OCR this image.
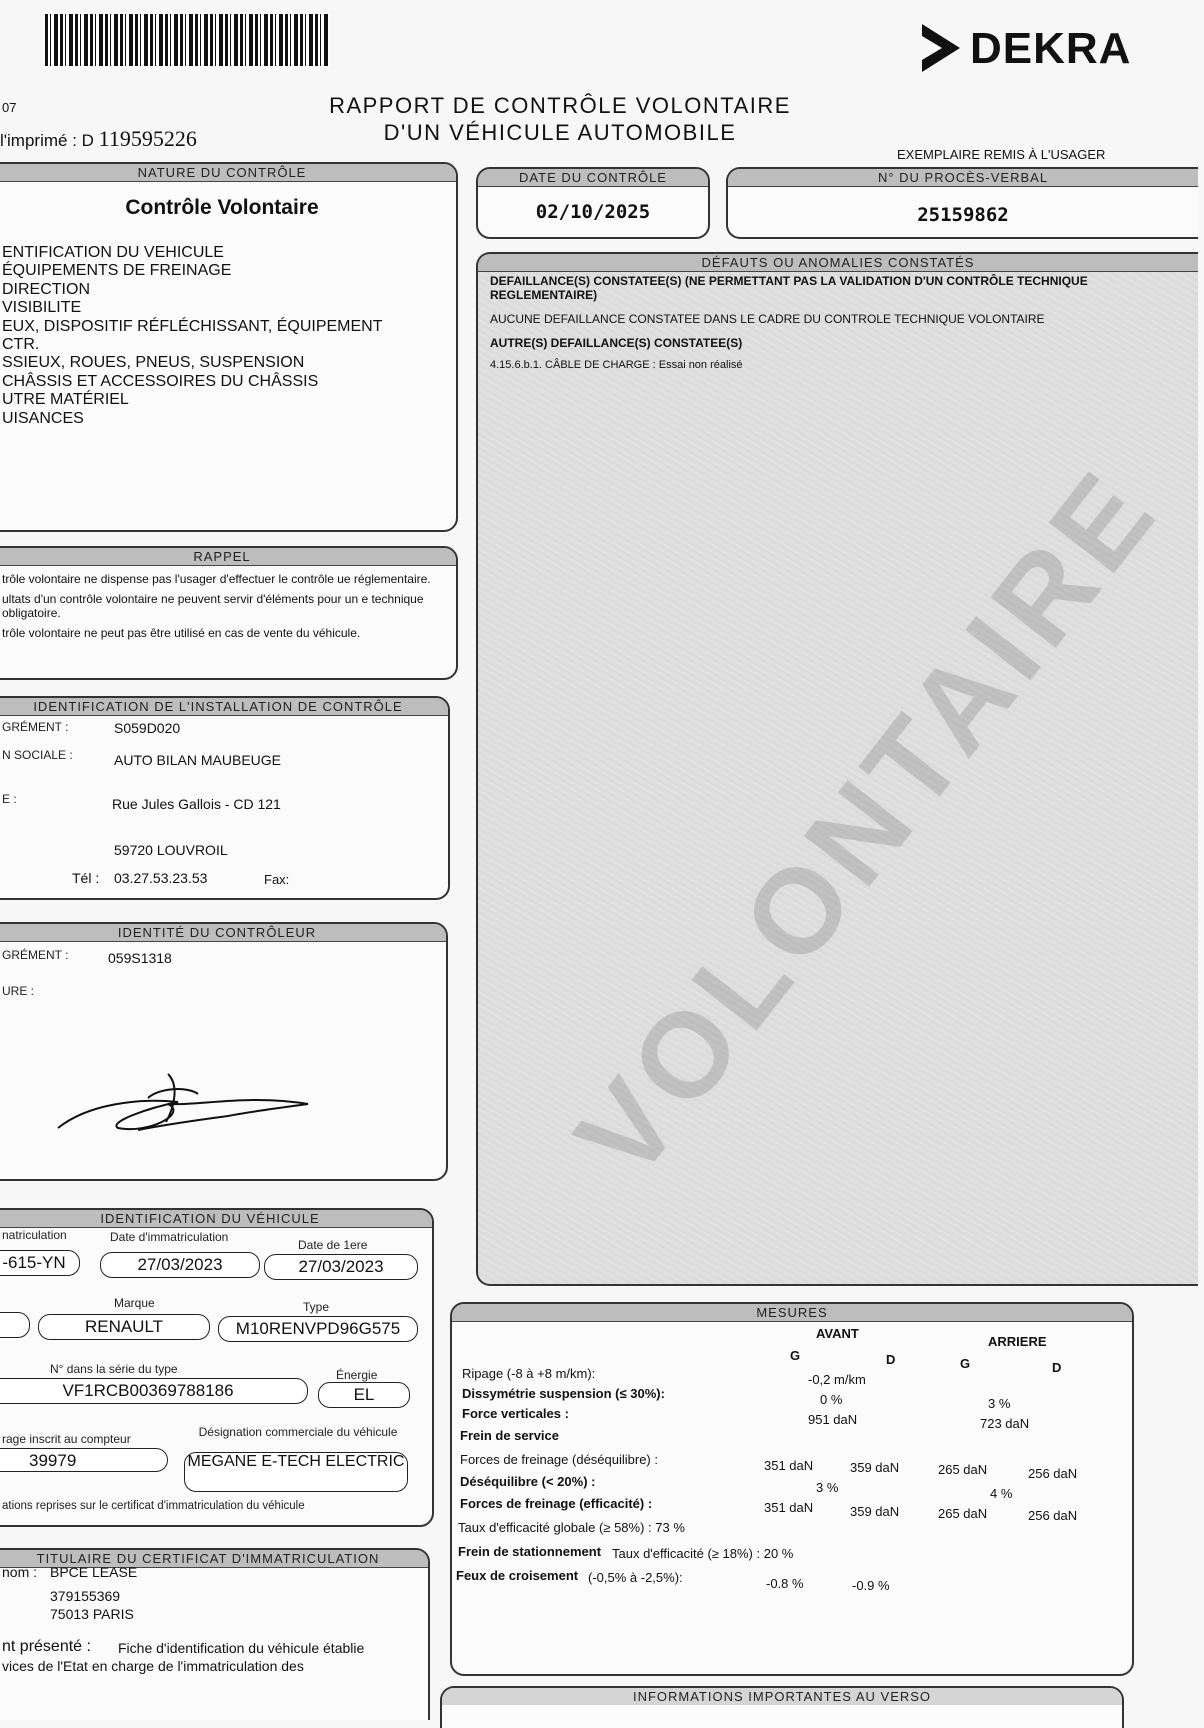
DEKRA
07
l'imprimé : D 119595226
RAPPORT DE CONTRÔLE VOLONTAIRE
D'UN VÉHICULE AUTOMOBILE
EXEMPLAIRE REMIS À L'USAGER
NATURE DU CONTRÔLE
Contrôle Volontaire
ENTIFICATION DU VEHICULE
ÉQUIPEMENTS DE FREINAGE
DIRECTION
VISIBILITE
EUX, DISPOSITIF RÉFLÉCHISSANT, ÉQUIPEMENT
CTR.
SSIEUX, ROUES, PNEUS, SUSPENSION
CHÂSSIS ET ACCESSOIRES DU CHÂSSIS
UTRE MATÉRIEL
UISANCES
DATE DU CONTRÔLE
02/10/2025
N° DU PROCÈS-VERBAL
25159862
DÉFAUTS OU ANOMALIES CONSTATÉS
DEFAILLANCE(S) CONSTATEE(S) (NE PERMETTANT PAS LA VALIDATION D'UN CONTRÔLE TECHNIQUE REGLEMENTAIRE)
AUCUNE DEFAILLANCE CONSTATEE DANS LE CADRE DU CONTROLE TECHNIQUE VOLONTAIRE
AUTRE(S) DEFAILLANCE(S) CONSTATEE(S)
4.15.6.b.1. CÂBLE DE CHARGE : Essai non réalisé
RAPPEL
trôle volontaire ne dispense pas l'usager d'effectuer le contrôle ue réglementaire.
ultats d'un contrôle volontaire ne peuvent servir d'éléments pour un e technique obligatoire.
trôle volontaire ne peut pas être utilisé en cas de vente du véhicule.
IDENTIFICATION DE L'INSTALLATION DE CONTRÔLE
GRÉMENT :	S059D020
N SOCIALE :	AUTO BILAN MAUBEUGE
E :	Rue Jules Gallois - CD 121
59720 LOUVROIL
Tél : 03.27.53.23.53	Fax:
IDENTITÉ DU CONTRÔLEUR
GRÉMENT :	059S1318
URE :
IDENTIFICATION DU VÉHICULE
natriculation	Date d'immatriculation
Date de 1ere
-615-YN	27/03/2023	27/03/2023
Marque	Type
RENAULT	M10RENVPD96G575
N° dans la série du type	Énergie
VF1RCB00369788186	EL
rage inscrit au compteur	Désignation commerciale du véhicule
39979	MEGANE E-TECH ELECTRIC
ations reprises sur le certificat d'immatriculation du véhicule
TITULAIRE DU CERTIFICAT D'IMMATRICULATION
nom : BPCE LEASE
379155369
75013 PARIS
nt présenté : Fiche d'identification du véhicule établie
vices de l'Etat en charge de l'immatriculation des
MESURES
AVANT
ARRIERE
G	D	G	D
Ripage (-8 à +8 m/km):	-0,2 m/km
Dissymétrie suspension (≤ 30%):	0 %	3 %
Force verticales :	951 daN	723 daN
Frein de service
Forces de freinage (déséquilibre) :	351 daN	359 daN	265 daN	256 daN
Déséquilibre (< 20%) :	3 %	4 %
Forces de freinage (efficacité) :	351 daN	359 daN	265 daN	256 daN
Taux d'efficacité globale (≥ 58%) : 73 %
Frein de stationnement Taux d'efficacité (≥ 18%) : 20 %
Feux de croisement (-0,5% à -2,5%):	-0.8 %	-0.9 %
INFORMATIONS IMPORTANTES AU VERSO
